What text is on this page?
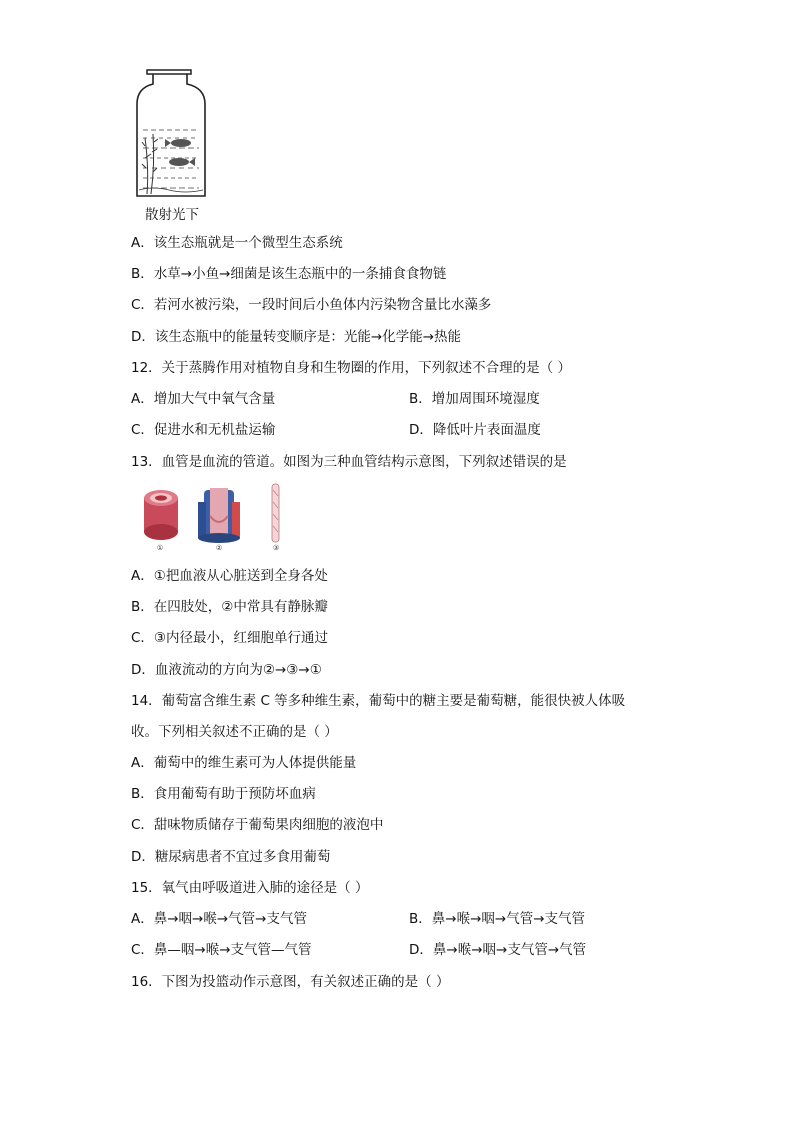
散射光下
A．该生态瓶就是一个微型生态系统
B．水草→小鱼→细菌是该生态瓶中的一条捕食食物链
C．若河水被污染，一段时间后小鱼体内污染物含量比水藻多
D．该生态瓶中的能量转变顺序是：光能→化学能→热能
12．关于蒸腾作用对植物自身和生物圈的作用，下列叙述不合理的是（ ）
A．增加大气中氧气含量	B．增加周围环境湿度
C．促进水和无机盐运输	D．降低叶片表面温度
13．血管是血流的管道。如图为三种血管结构示意图，下列叙述错误的是
①	②	③
A．①把血液从心脏送到全身各处
B．在四肢处，②中常具有静脉瓣
C．③内径最小，红细胞单行通过
D．血液流动的方向为②→③→①
14．葡萄富含维生素 C 等多种维生素，葡萄中的糖主要是葡萄糖，能很快被人体吸
收。下列相关叙述不正确的是（ ）
A．葡萄中的维生素可为人体提供能量
B．食用葡萄有助于预防坏血病
C．甜味物质储存于葡萄果肉细胞的液泡中
D．糖尿病患者不宜过多食用葡萄
15．氧气由呼吸道进入肺的途径是（ ）
A．鼻→咽→喉→气管→支气管	B．鼻→喉→咽→气管→支气管
C．鼻—咽→喉→支气管—气管	D．鼻→喉→咽→支气管→气管
16．下图为投篮动作示意图，有关叙述正确的是（ ）
